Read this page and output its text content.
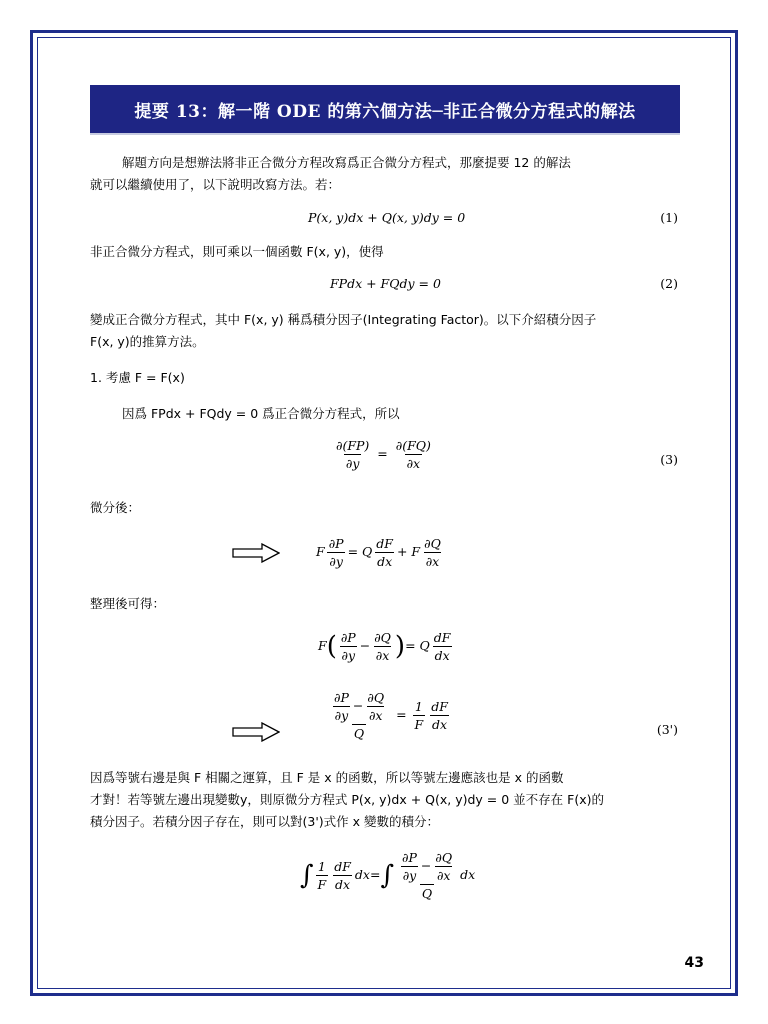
提要 13：解一階 ODE 的第六個方法─非正合微分方程式的解法
解題方向是想辦法將非正合微分方程改寫爲正合微分方程式，那麼提要 12 的解法
就可以繼續使用了，以下說明改寫方法。若：
P(x, y)dx + Q(x, y)dy = 0	(1)
非正合微分方程式，則可乘以一個函數 F(x, y)，使得
FPdx + FQdy = 0	(2)
變成正合微分方程式，其中 F(x, y) 稱爲積分因子(Integrating Factor)。以下介紹積分因子
F(x, y)的推算方法。
1. 考慮 F = F(x)
因爲 FPdx + FQdy = 0 爲正合微分方程式，所以
$\frac{\partial(FP)}{\partial y} = \frac{\partial(FQ)}{\partial x}$	(3)
微分後：
F $\frac{\partial P}{\partial y} = Q \frac{dF}{dx} + F \frac{\partial Q}{\partial x}$
整理後可得：
$F( \frac{\partial P}{\partial y} - \frac{\partial Q}{\partial x}$ )= Q $\frac{dF}{dx}$
$\frac{\frac{\partial P}{\partial y} - \frac{\partial Q}{\partial x}}{Q} = \frac{1}{F} \frac{dF}{dx}$	(3')
因爲等號右邊是與 F 相關之運算，且 F 是 x 的函數，所以等號左邊應該也是 x 的函數
才對！若等號左邊出現變數y，則原微分方程式 P(x, y)dx + Q(x, y)dy = 0 並不存在 F(x)的
積分因子。若積分因子存在，則可以對(3')式作 x 變數的積分：
∫ $\frac{1}{F} \frac{dF}{dx} dx=\int \frac{\frac{\partial P}{\partial y} - \frac{\partial Q}{\partial x}}{Q}$ dx
43
